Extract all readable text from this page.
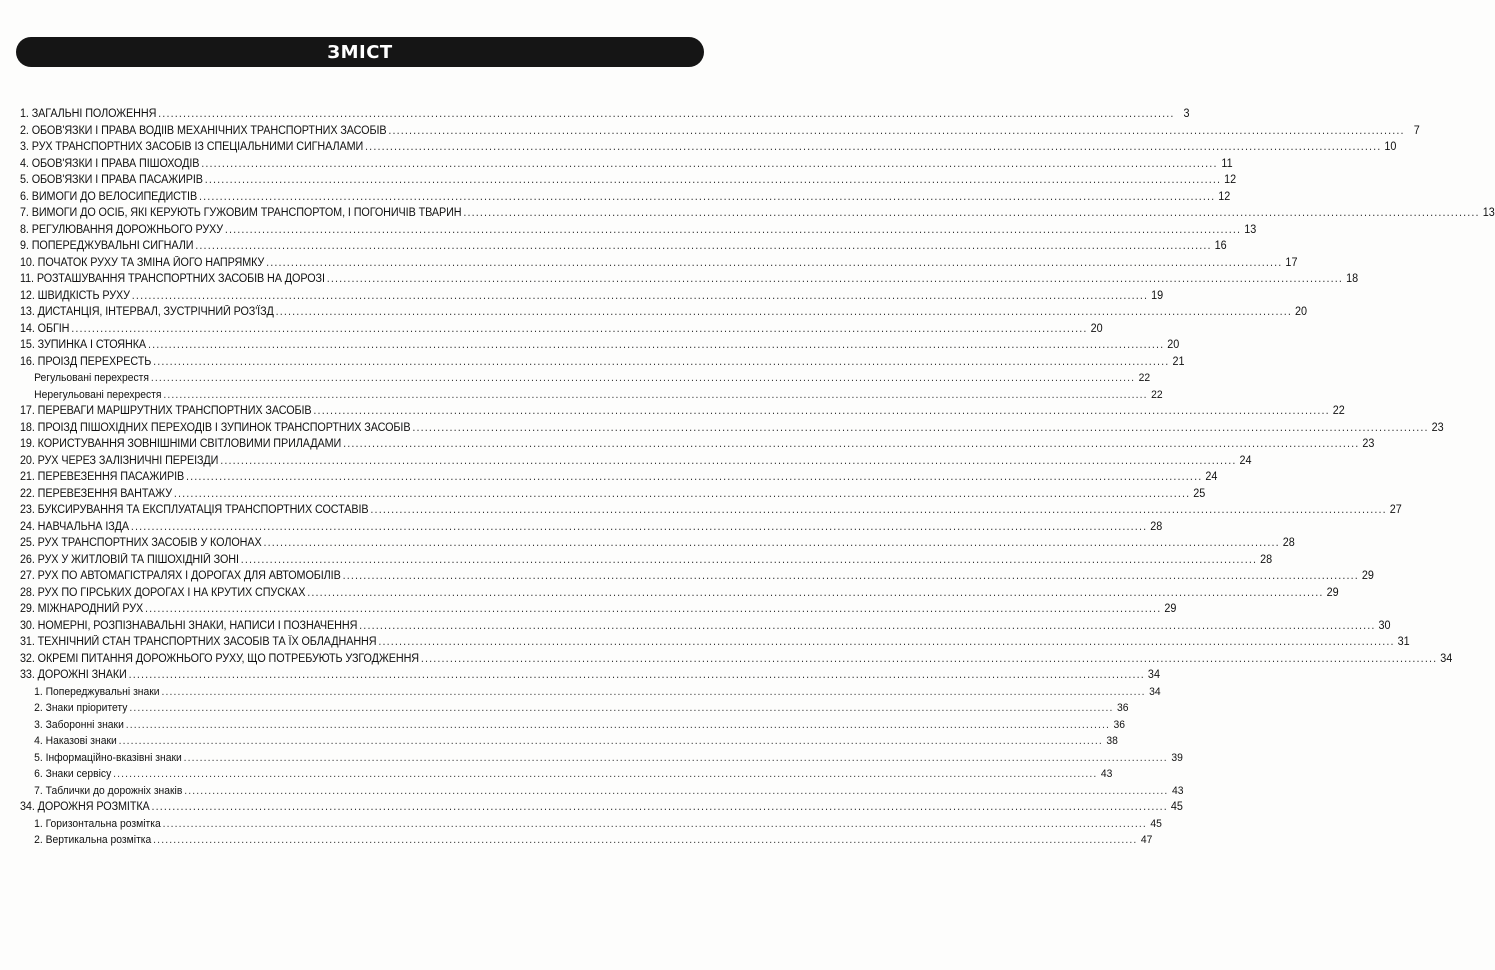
ЗМІСТ
1. ЗАГАЛЬНІ ПОЛОЖЕННЯ .....	3
2. ОБОВ'ЯЗКИ І ПРАВА ВОДІЇВ МЕХАНІЧНИХ ТРАНСПОРТНИХ ЗАСОБІВ .....	7
3. РУХ ТРАНСПОРТНИХ ЗАСОБІВ ІЗ СПЕЦІАЛЬНИМИ СИГНАЛАМИ .....	10
4. ОБОВ'ЯЗКИ І ПРАВА ПІШОХОДІВ .....	11
5. ОБОВ'ЯЗКИ І ПРАВА ПАСАЖИРІВ .....	12
6. ВИМОГИ ДО ВЕЛОСИПЕДИСТІВ .....	12
7. ВИМОГИ ДО ОСІБ, ЯКІ КЕРУЮТЬ ГУЖОВИМ ТРАНСПОРТОМ, І ПОГОНИЧІВ ТВАРИН .....	13
8. РЕГУЛЮВАННЯ ДОРОЖНЬОГО РУХУ .....	13
9. ПОПЕРЕДЖУВАЛЬНІ СИГНАЛИ .....	16
10. ПОЧАТОК РУХУ ТА ЗМІНА ЙОГО НАПРЯМКУ .....	17
11. РОЗТАШУВАННЯ ТРАНСПОРТНИХ ЗАСОБІВ НА ДОРОЗІ .....	18
12. ШВИДКІСТЬ РУХУ .....	19
13. ДИСТАНЦІЯ, ІНТЕРВАЛ, ЗУСТРІЧНИЙ РОЗ'ЇЗД .....	20
14. ОБГІН .....	20
15. ЗУПИНКА І СТОЯНКА .....	20
16. ПРОЇЗД ПЕРЕХРЕСТЬ .....	21
Регульовані перехрестя .....	22
Нерегульовані перехрестя .....	22
17. ПЕРЕВАГИ МАРШРУТНИХ ТРАНСПОРТНИХ ЗАСОБІВ .....	22
18. ПРОЇЗД ПІШОХІДНИХ ПЕРЕХОДІВ І ЗУПИНОК ТРАНСПОРТНИХ ЗАСОБІВ .....	23
19. КОРИСТУВАННЯ ЗОВНІШНІМИ СВІТЛОВИМИ ПРИЛАДАМИ .....	23
20. РУХ ЧЕРЕЗ ЗАЛІЗНИЧНІ ПЕРЕЇЗДИ .....	24
21. ПЕРЕВЕЗЕННЯ ПАСАЖИРІВ .....	24
22. ПЕРЕВЕЗЕННЯ ВАНТАЖУ .....	25
23. БУКСИРУВАННЯ ТА ЕКСПЛУАТАЦІЯ ТРАНСПОРТНИХ СОСТАВІВ .....	27
24. НАВЧАЛЬНА ЇЗДА .....	28
25. РУХ ТРАНСПОРТНИХ ЗАСОБІВ У КОЛОНАХ .....	28
26. РУХ У ЖИТЛОВІЙ ТА ПІШОХІДНІЙ ЗОНІ .....	28
27. РУХ ПО АВТОМАГІСТРАЛЯХ І ДОРОГАХ ДЛЯ АВТОМОБІЛІВ .....	29
28. РУХ ПО ГІРСЬКИХ ДОРОГАХ І НА КРУТИХ СПУСКАХ .....	29
29. МІЖНАРОДНИЙ РУХ .....	29
30. НОМЕРНІ, РОЗПІЗНАВАЛЬНІ ЗНАКИ, НАПИСИ І ПОЗНАЧЕННЯ .....	30
31. ТЕХНІЧНИЙ СТАН ТРАНСПОРТНИХ ЗАСОБІВ ТА ЇХ ОБЛАДНАННЯ .....	31
32. ОКРЕМІ ПИТАННЯ ДОРОЖНЬОГО РУХУ, ЩО ПОТРЕБУЮТЬ УЗГОДЖЕННЯ .....	34
33. ДОРОЖНІ ЗНАКИ .....	34
1. Попереджувальні знаки .....	34
2. Знаки пріоритету .....	36
3. Заборонні знаки .....	36
4. Наказові знаки .....	38
5. Інформаційно-вказівні знаки .....	39
6. Знаки сервісу .....	43
7. Таблички до дорожніх знаків .....	43
34. ДОРОЖНЯ РОЗМІТКА .....	45
1. Горизонтальна розмітка .....	45
2. Вертикальна розмітка .....	47
